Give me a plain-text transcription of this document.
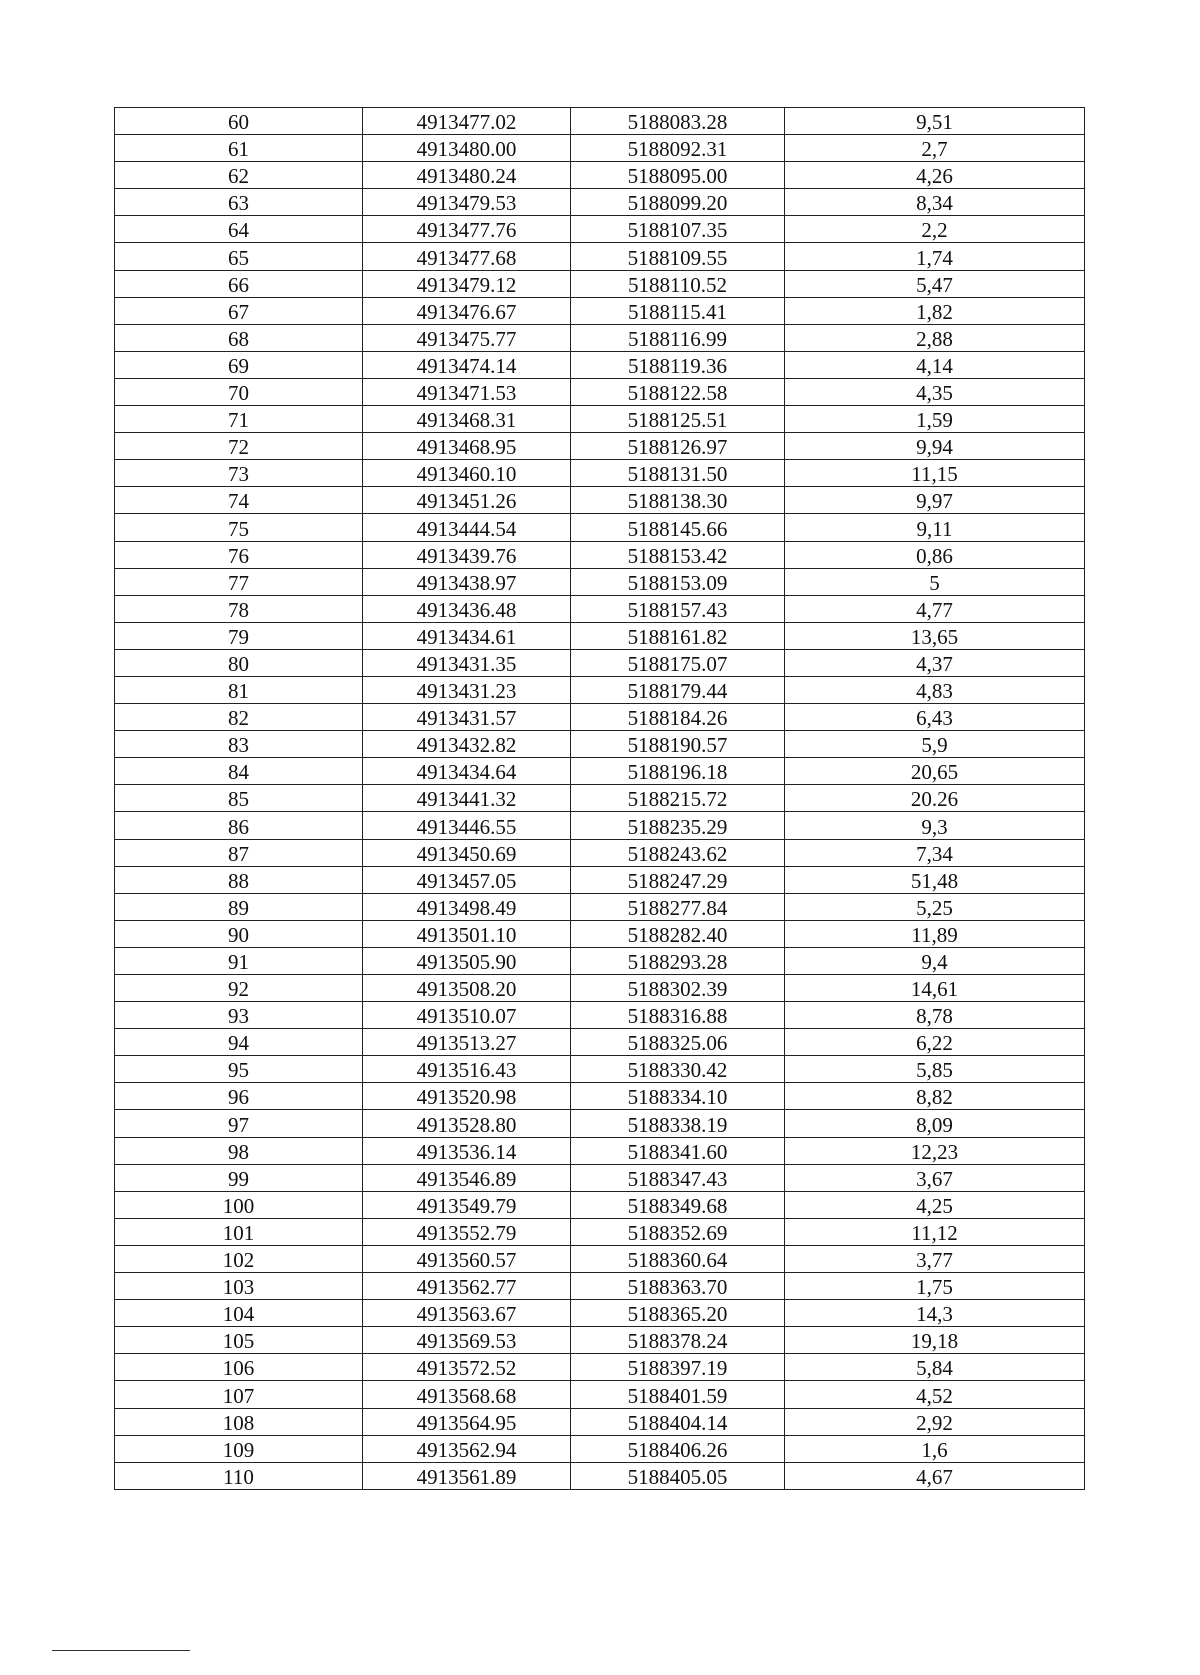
60	4913477.02	5188083.28	9,51
61	4913480.00	5188092.31	2,7
62	4913480.24	5188095.00	4,26
63	4913479.53	5188099.20	8,34
64	4913477.76	5188107.35	2,2
65	4913477.68	5188109.55	1,74
66	4913479.12	5188110.52	5,47
67	4913476.67	5188115.41	1,82
68	4913475.77	5188116.99	2,88
69	4913474.14	5188119.36	4,14
70	4913471.53	5188122.58	4,35
71	4913468.31	5188125.51	1,59
72	4913468.95	5188126.97	9,94
73	4913460.10	5188131.50	11,15
74	4913451.26	5188138.30	9,97
75	4913444.54	5188145.66	9,11
76	4913439.76	5188153.42	0,86
77	4913438.97	5188153.09	5
78	4913436.48	5188157.43	4,77
79	4913434.61	5188161.82	13,65
80	4913431.35	5188175.07	4,37
81	4913431.23	5188179.44	4,83
82	4913431.57	5188184.26	6,43
83	4913432.82	5188190.57	5,9
84	4913434.64	5188196.18	20,65
85	4913441.32	5188215.72	20.26
86	4913446.55	5188235.29	9,3
87	4913450.69	5188243.62	7,34
88	4913457.05	5188247.29	51,48
89	4913498.49	5188277.84	5,25
90	4913501.10	5188282.40	11,89
91	4913505.90	5188293.28	9,4
92	4913508.20	5188302.39	14,61
93	4913510.07	5188316.88	8,78
94	4913513.27	5188325.06	6,22
95	4913516.43	5188330.42	5,85
96	4913520.98	5188334.10	8,82
97	4913528.80	5188338.19	8,09
98	4913536.14	5188341.60	12,23
99	4913546.89	5188347.43	3,67
100	4913549.79	5188349.68	4,25
101	4913552.79	5188352.69	11,12
102	4913560.57	5188360.64	3,77
103	4913562.77	5188363.70	1,75
104	4913563.67	5188365.20	14,3
105	4913569.53	5188378.24	19,18
106	4913572.52	5188397.19	5,84
107	4913568.68	5188401.59	4,52
108	4913564.95	5188404.14	2,92
109	4913562.94	5188406.26	1,6
110	4913561.89	5188405.05	4,67
